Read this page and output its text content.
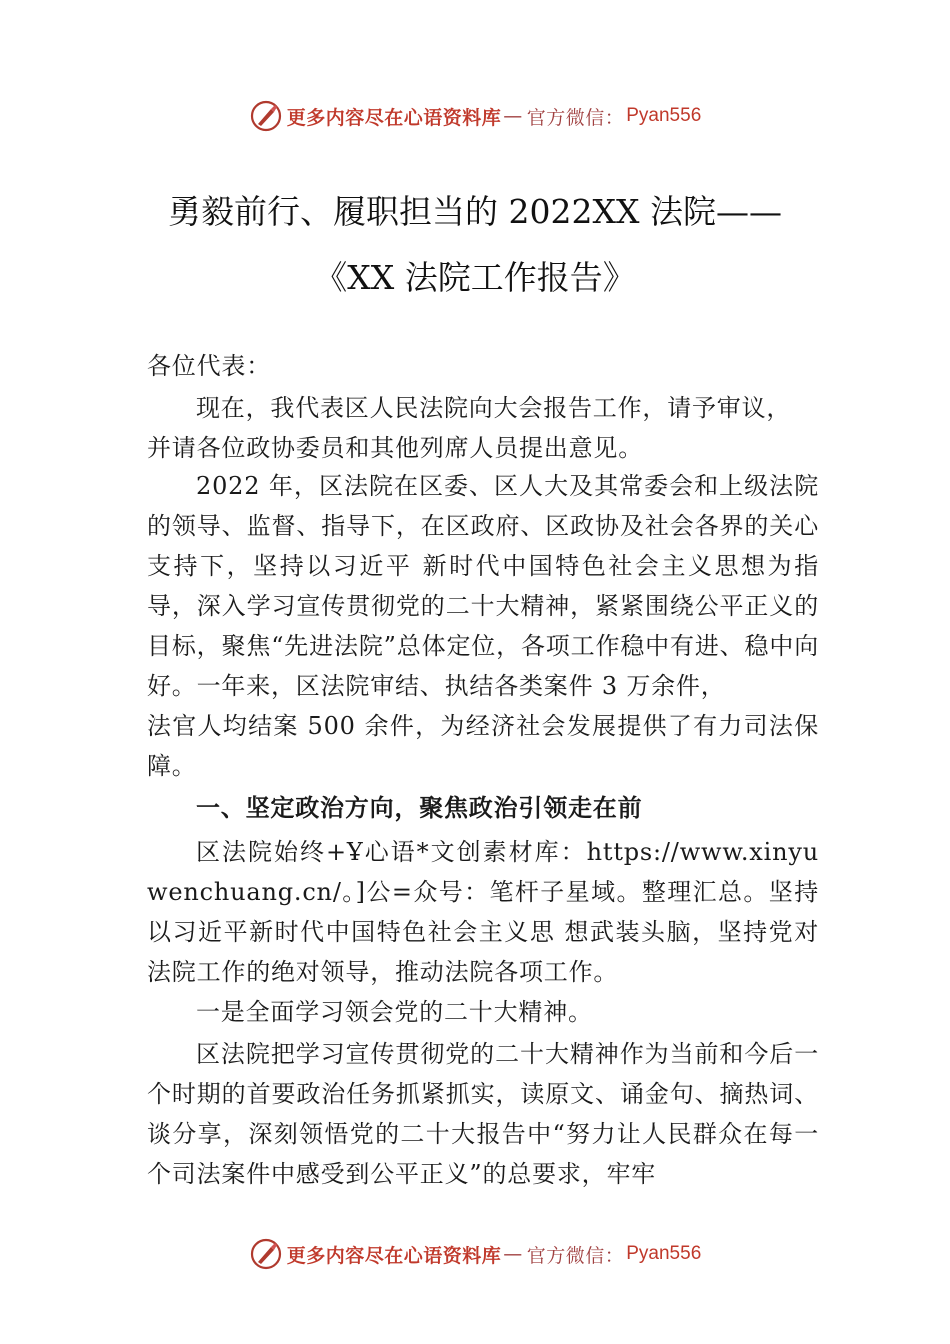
更多内容尽在心语资料库 — 官方微信： Pyan556
勇毅前行、履职担当的 2022XX 法院——
《XX 法院工作报告》
各位代表：

现在，我代表区人民法院向大会报告工作，请予审议，

并请各位政协委员和其他列席人员提出意见。

2022 年，区法院在区委、区人大及其常委会和上级法院的领导、监督、指导下，在区政府、区政协及社会各界的关心支持下，坚持以习近平 新时代中国特色社会主义思想为指导，深入学习宣传贯彻党的二十大精神，紧紧围绕公平正义的目标，聚焦“先进法院”总体定位，各项工作稳中有进、稳中向好。一年来，区法院审结、执结各类案件 3 万余件，

法官人均结案 500 余件，为经济社会发展提供了有力司法保障。

一、坚定政治方向，聚焦政治引领走在前

区法院始终+Ұ心语*文创素材库：https://www.xinyuwenchuang.cn/。]公=众号：笔杆子星域。整理汇总。坚持以习近平新时代中国特色社会主义思 想武装头脑，坚持党对法院工作的绝对领导，推动法院各项工作。

一是全面学习领会党的二十大精神。

区法院把学习宣传贯彻党的二十大精神作为当前和今后一个时期的首要政治任务抓紧抓实，读原文、诵金句、摘热词、谈分享，深刻领悟党的二十大报告中“努力让人民群众在每一个司法案件中感受到公平正义”的总要求，牢牢

更多内容尽在心语资料库 — 官方微信： Pyan556
